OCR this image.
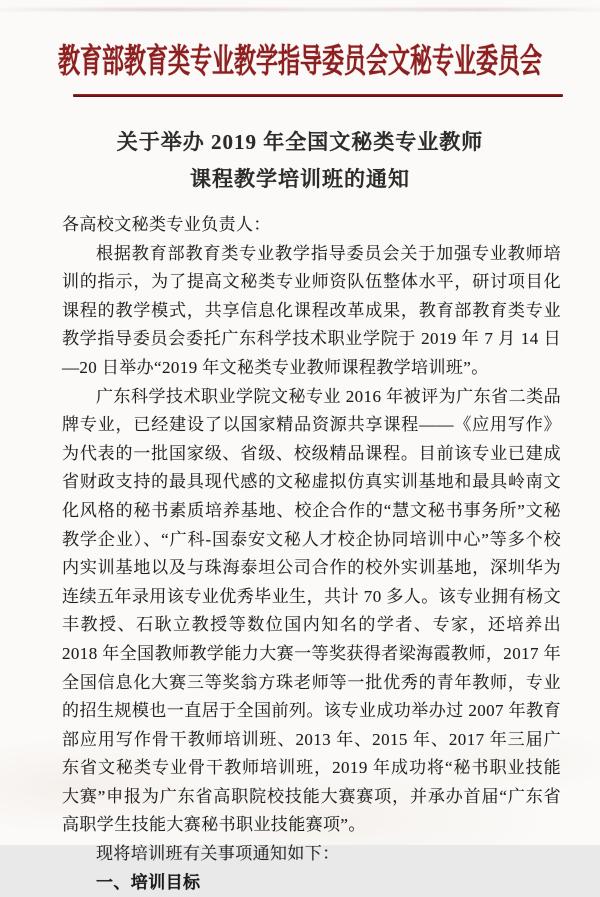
教育部教育类专业教学指导委员会文秘专业委员会
关于举办 2019 年全国文秘类专业教师
课程教学培训班的通知

各高校文秘类专业负责人：

根据教育部教育类专业教学指导委员会关于加强专业教师培训的指示，为了提高文秘类专业师资队伍整体水平，研讨项目化课程的教学模式，共享信息化课程改革成果，教育部教育类专业教学指导委员会委托广东科学技术职业学院于 2019 年 7 月 14 日—20 日举办“2019 年文秘类专业教师课程教学培训班”。

广东科学技术职业学院文秘专业 2016 年被评为广东省二类品牌专业，已经建设了以国家精品资源共享课程——《应用写作》为代表的一批国家级、省级、校级精品课程。目前该专业已建成省财政支持的最具现代感的文秘虚拟仿真实训基地和最具岭南文化风格的秘书素质培养基地、校企合作的“慧文秘书事务所”文秘教学企业）、“广科-国泰安文秘人才校企协同培训中心”等多个校内实训基地以及与珠海泰坦公司合作的校外实训基地，深圳华为连续五年录用该专业优秀毕业生，共计 70 多人。该专业拥有杨文丰教授、石耿立教授等数位国内知名的学者、专家，还培养出 2018 年全国教师教学能力大赛一等奖获得者梁海霞教师，2017 年全国信息化大赛三等奖翁方珠老师等一批优秀的青年教师，专业的招生规模也一直居于全国前列。该专业成功举办过 2007 年教育部应用写作骨干教师培训班、2013 年、2015 年、2017 年三届广东省文秘类专业骨干教师培训班，2019 年成功将“秘书职业技能大赛”申报为广东省高职院校技能大赛赛项，并承办首届“广东省高职学生技能大赛秘书职业技能赛项”。

现将培训班有关事项通知如下：

一、培训目标
